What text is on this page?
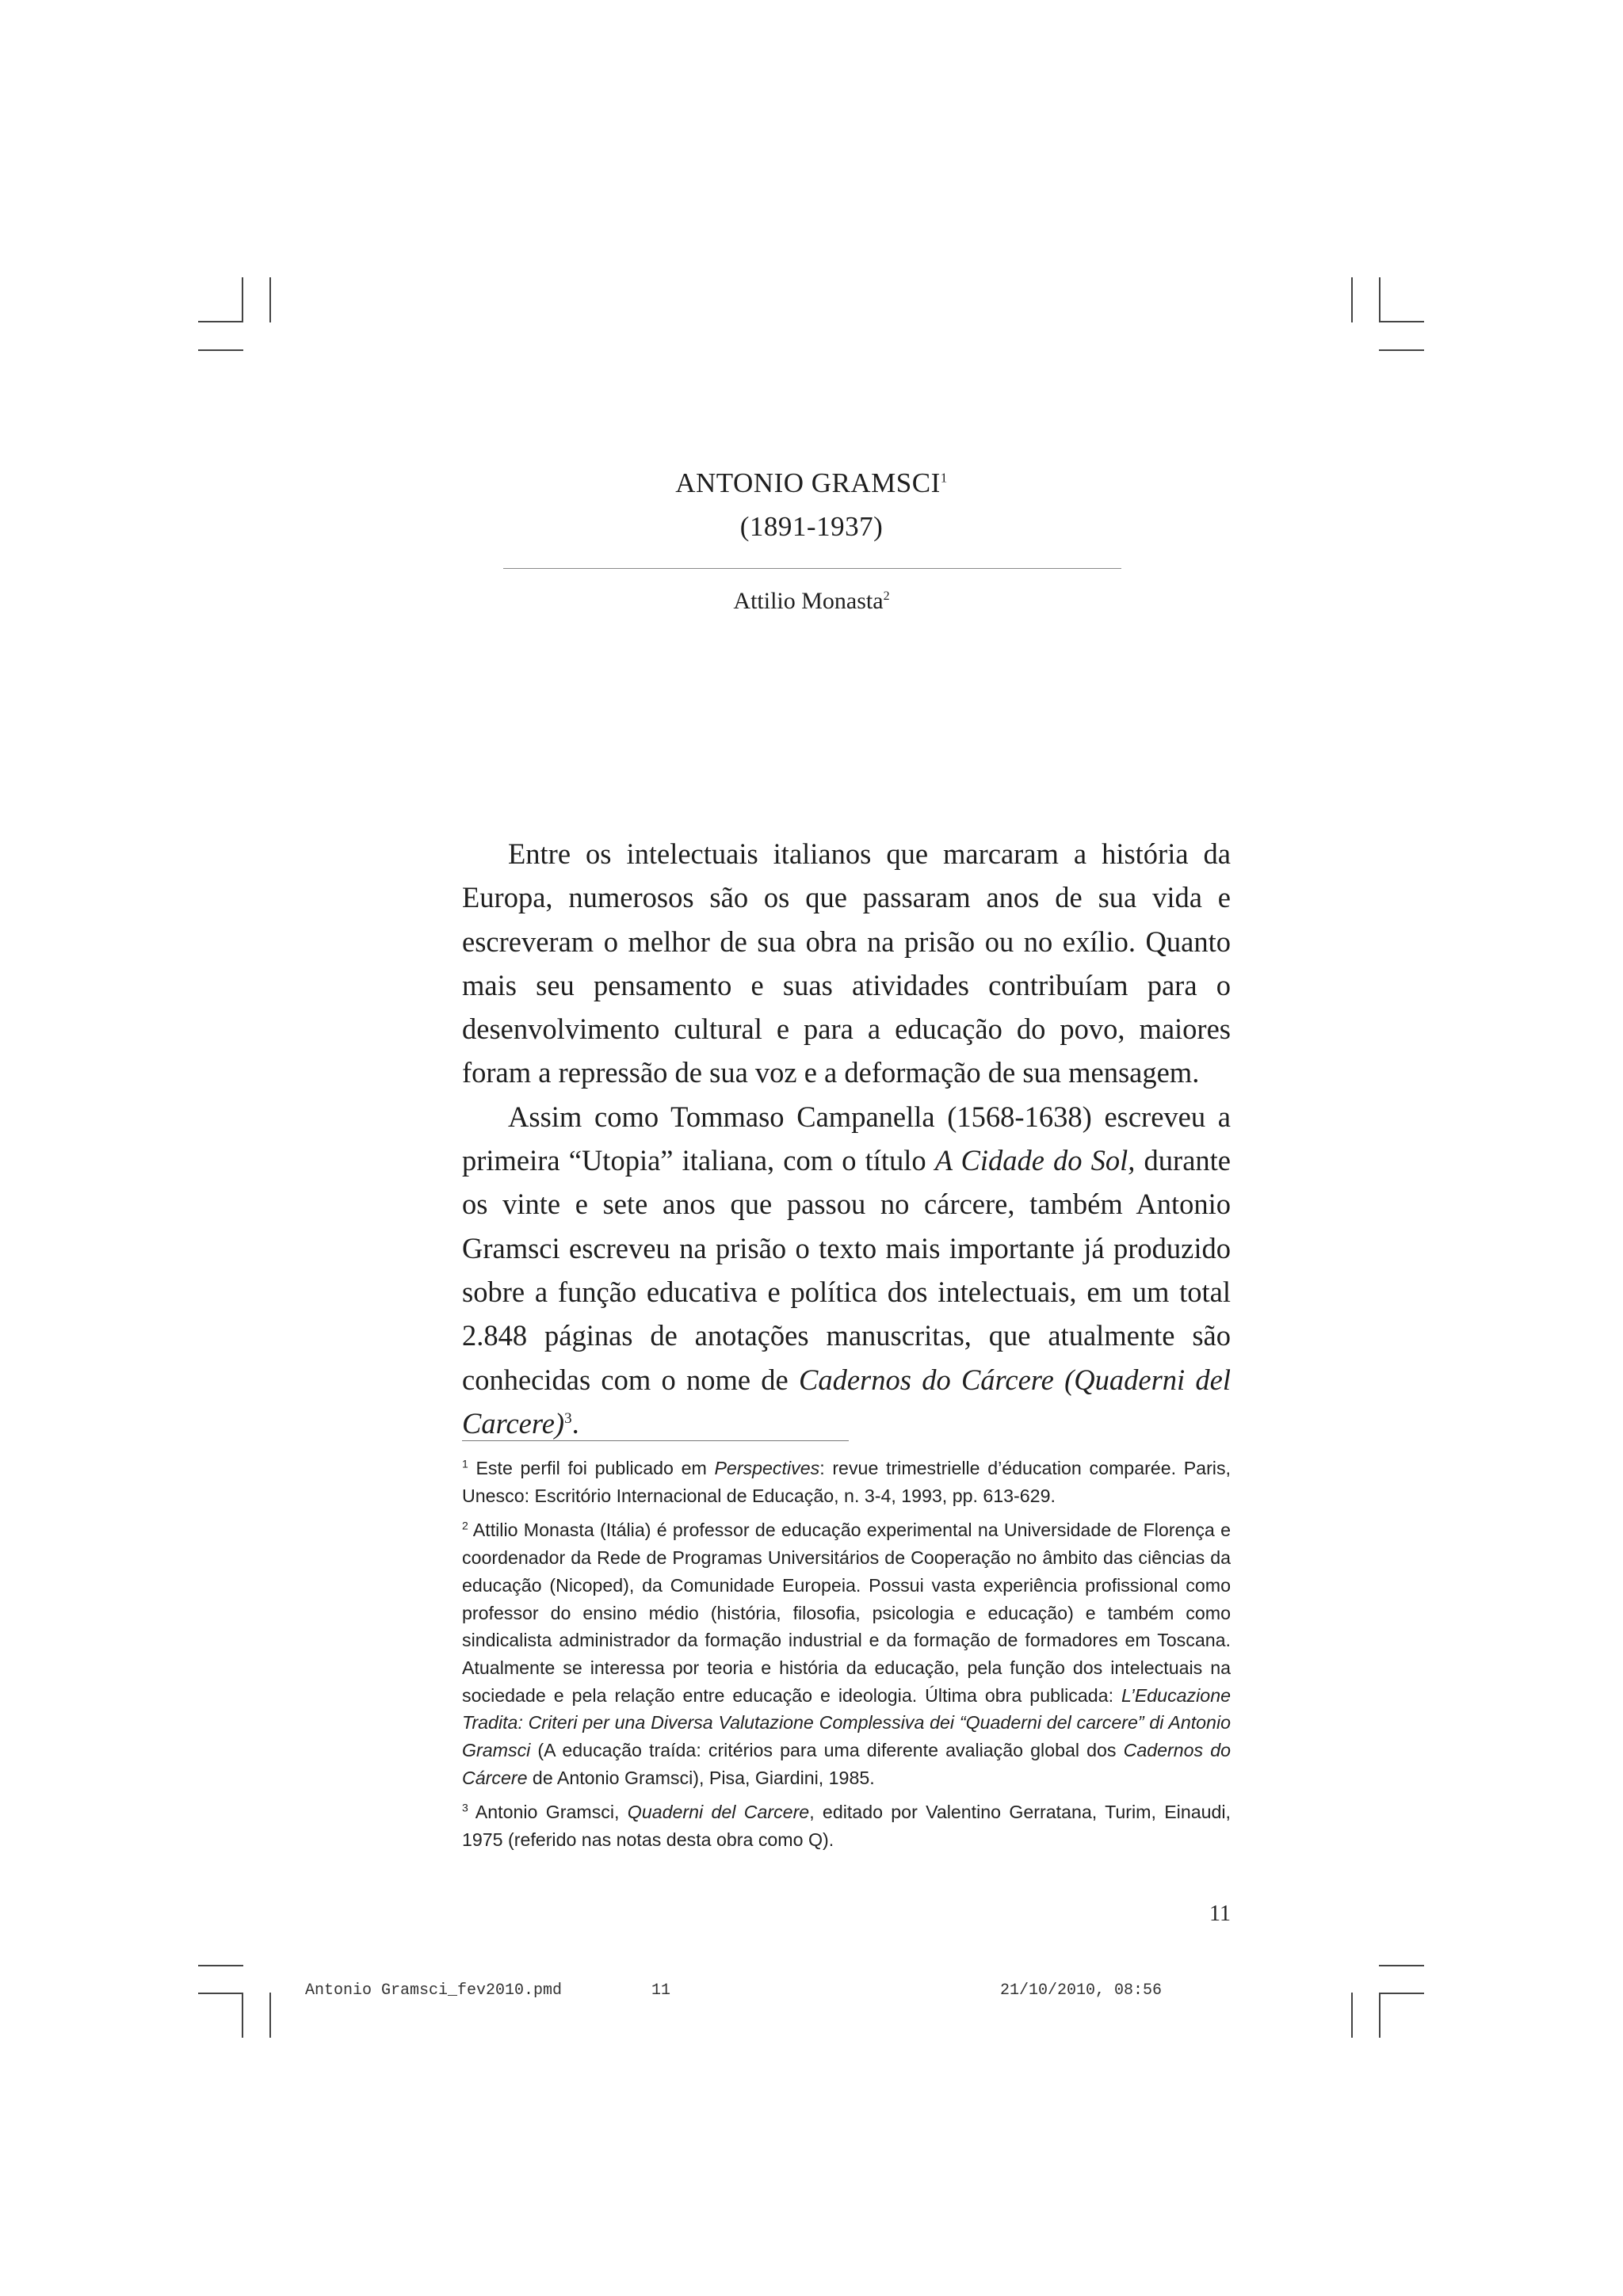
ANTONIO GRAMSCI$^1$
(1891-1937)
Attilio Monasta$^2$

Entre os intelectuais italianos que marcaram a história da Europa, numerosos são os que passaram anos de sua vida e escreveram o melhor de sua obra na prisão ou no exílio. Quanto mais seu pensamento e suas atividades contribuíam para o desenvolvimento cultural e para a educação do povo, maiores foram a repressão de sua voz e a deformação de sua mensagem.

Assim como Tommaso Campanella (1568-1638) escreveu a primeira “Utopia” italiana, com o título A Cidade do Sol, durante os vinte e sete anos que passou no cárcere, também Antonio Gramsci escreveu na prisão o texto mais importante já produzido sobre a função educativa e política dos intelectuais, em um total 2.848 páginas de anotações manuscritas, que atualmente são conhecidas com o nome de Cadernos do Cárcere (Quaderni del Carcere)$^3$.

$^1$ Este perfil foi publicado em Perspectives: revue trimestrielle d’éducation comparée. Paris, Unesco: Escritório Internacional de Educação, n. 3-4, 1993, pp. 613-629.

$^2$ Attilio Monasta (Itália) é professor de educação experimental na Universidade de Florença e coordenador da Rede de Programas Universitários de Cooperação no âmbito das ciências da educação (Nicoped), da Comunidade Europeia. Possui vasta experiência profissional como professor do ensino médio (história, filosofia, psicologia e educação) e também como sindicalista administrador da formação industrial e da formação de formadores em Toscana. Atualmente se interessa por teoria e história da educação, pela função dos intelectuais na sociedade e pela relação entre educação e ideologia. Última obra publicada: L’Educazione Tradita: Criteri per una Diversa Valutazione Complessiva dei “Quaderni del carcere” di Antonio Gramsci (A educação traída: critérios para uma diferente avaliação global dos Cadernos do Cárcere de Antonio Gramsci), Pisa, Giardini, 1985.

$^3$ Antonio Gramsci, Quaderni del Carcere, editado por Valentino Gerratana, Turim, Einaudi, 1975 (referido nas notas desta obra como Q).

11
Antonio Gramsci_fev2010.pmd	11	21/10/2010, 08:56
